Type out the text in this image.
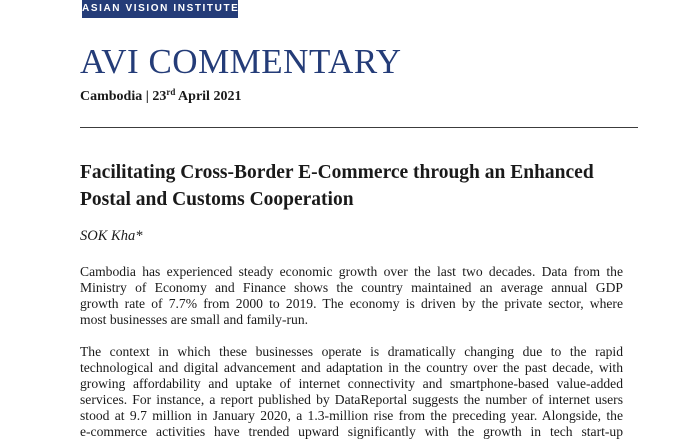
ASIAN VISION INSTITUTE
AVI COMMENTARY
Cambodia | 23rd April 2021
Facilitating Cross-Border E-Commerce through an Enhanced
Postal and Customs Cooperation
SOK Kha*
Cambodia has experienced steady economic growth over the last two decades. Data from the
Ministry of Economy and Finance shows the country maintained an average annual GDP
growth rate of 7.7% from 2000 to 2019. The economy is driven by the private sector, where
most businesses are small and family-run.
The context in which these businesses operate is dramatically changing due to the rapid
technological and digital advancement and adaptation in the country over the past decade, with
growing affordability and uptake of internet connectivity and smartphone-based value-added
services. For instance, a report published by DataReportal suggests the number of internet users
stood at 9.7 million in January 2020, a 1.3-million rise from the preceding year. Alongside, the
e-commerce activities have trended upward significantly with the growth in tech start-up
